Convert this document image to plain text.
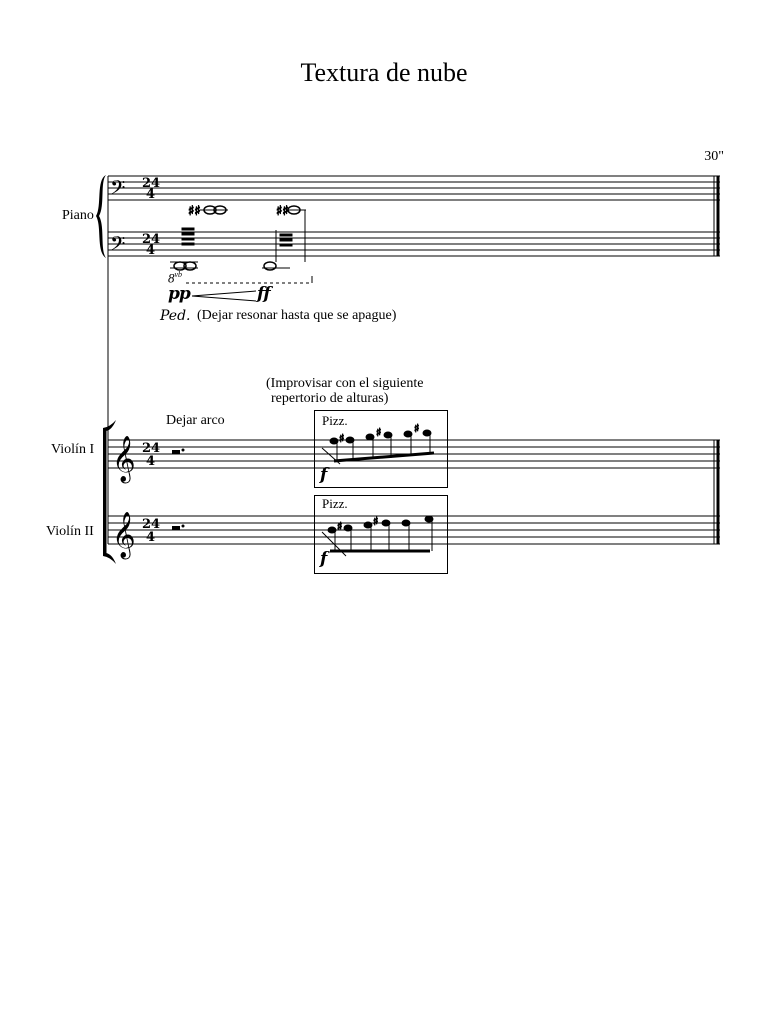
Textura de nube
30"
𝄢
𝄢
𝄞
𝄞
24
4
24
4
24
4
24
4
♯♯	♯♯
♯	♯	♯
♯	♯
Piano
Violín I
Violín II
$8^{vb}$
pp	ff
Ped. (Dejar resonar hasta que se apague)
(Improvisar con el siguiente
repertorio de alturas)
Dejar arco	Pizz.
f
Pizz.
f
